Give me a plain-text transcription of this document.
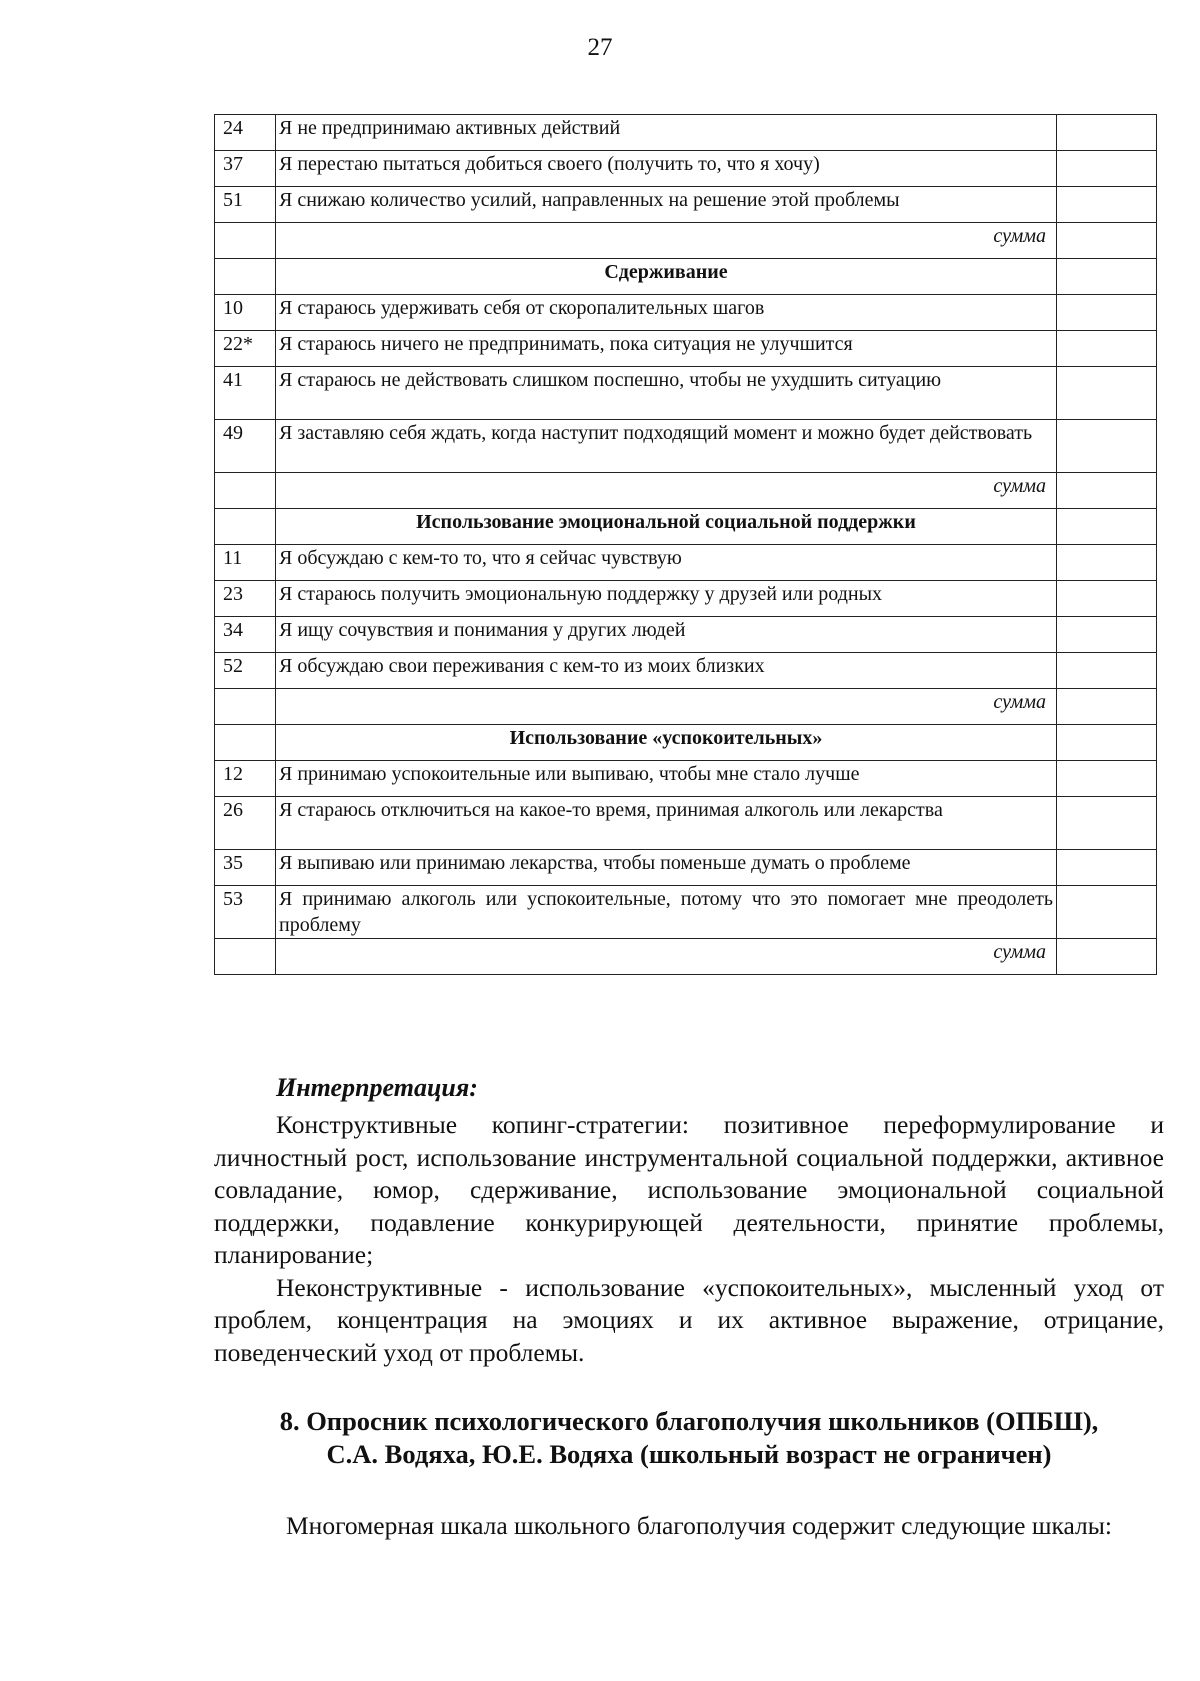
27
24	Я не предпринимаю активных действий	
37	Я перестаю пытаться добиться своего (получить то, что я хочу)	
51	Я снижаю количество усилий, направленных на решение этой проблемы	
	сумма	
	Сдерживание	
10	Я стараюсь удерживать себя от скоропалительных шагов	
22*	Я стараюсь ничего не предпринимать, пока ситуация не улучшится	
41	Я стараюсь не действовать слишком поспешно, чтобы не ухудшить ситуацию	
49	Я заставляю себя ждать, когда наступит подходящий момент и можно будет действовать	
	сумма	
	Использование эмоциональной социальной поддержки	
11	Я обсуждаю с кем-то то, что я сейчас чувствую	
23	Я стараюсь получить эмоциональную поддержку у друзей или родных	
34	Я ищу сочувствия и понимания у других людей	
52	Я обсуждаю свои переживания с кем-то из моих близких	
	сумма	
	Использование «успокоительных»	
12	Я принимаю успокоительные или выпиваю, чтобы мне стало лучше	
26	Я стараюсь отключиться на какое-то время, принимая алкоголь или лекарства	
35	Я выпиваю или принимаю лекарства, чтобы поменьше думать о проблеме	
53	Я принимаю алкоголь или успокоительные, потому что это помогает мне преодолеть проблему	
	сумма	
Интерпретация:

Конструктивные копинг-стратегии: позитивное переформулирование и личностный рост, использование инструментальной социальной поддержки, активное совладание, юмор, сдерживание, использование эмоциональной социальной поддержки, подавление конкурирующей деятельности, принятие проблемы, планирование;

Неконструктивные - использование «успокоительных», мысленный уход от проблем, концентрация на эмоциях и их активное выражение, отрицание, поведенческий уход от проблемы.

8. Опросник психологического благополучия школьников (ОПБШ),
С.А. Водяха, Ю.Е. Водяха (школьный возраст не ограничен)

Многомерная шкала школьного благополучия содержит следующие шкалы:
